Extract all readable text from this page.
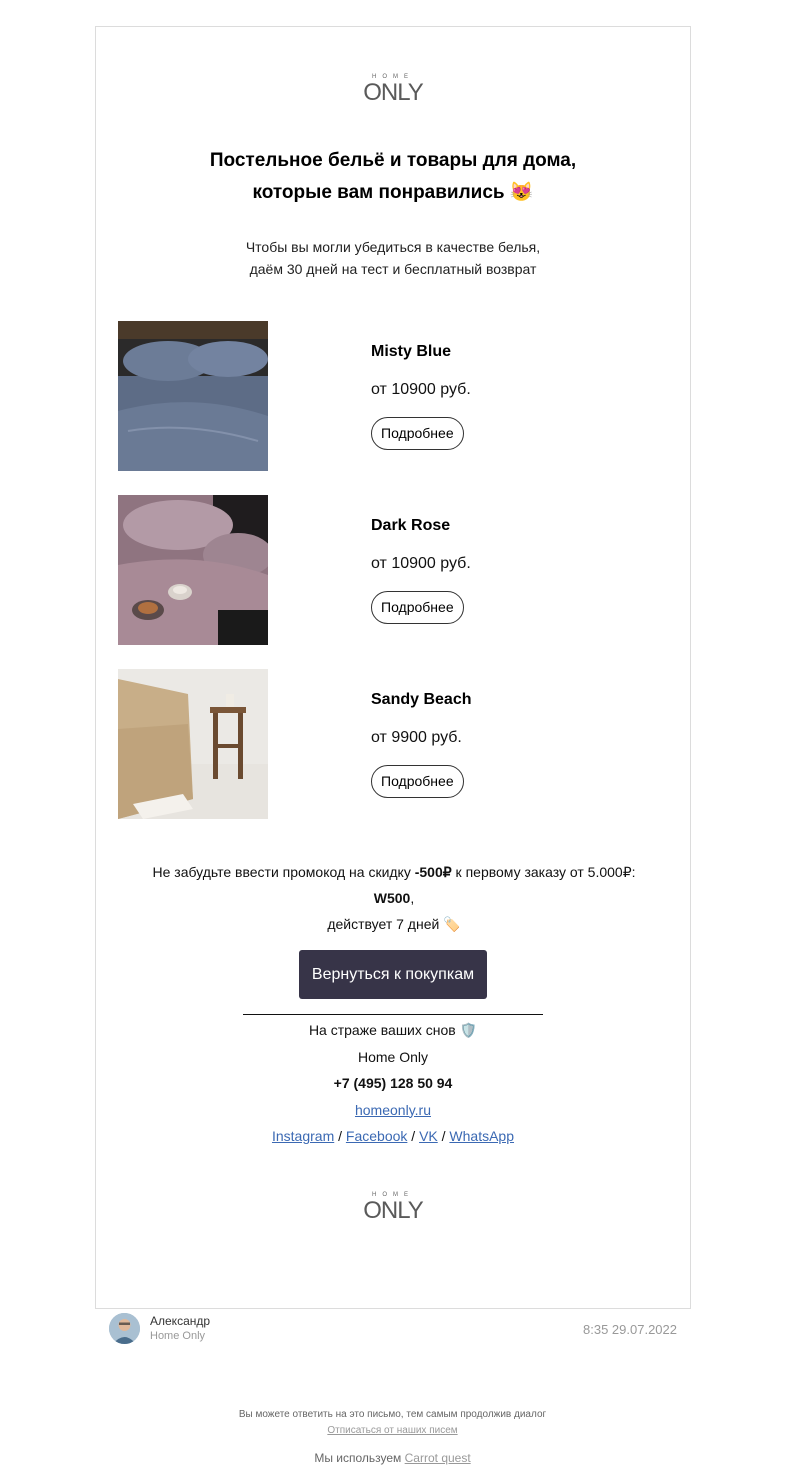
HOME
ONLY
Постельное бельё и товары для дома,
которые вам понравились 😻
Чтобы вы могли убедиться в качестве белья,
даём 30 дней на тест и бесплатный возврат
Misty Blue
от 10900 руб.
Подробнее
Dark Rose
от 10900 руб.
Подробнее
Sandy Beach
от 9900 руб.
Подробнее
Не забудьте ввести промокод на скидку -500₽ к первому заказу от 5.000₽:
W500,
действует 7 дней 🏷️
Вернуться к покупкам
На страже ваших снов 🛡️
Home Only
+7 (495) 128 50 94
homeonly.ru
Instagram / Facebook / VK / WhatsApp
HOME
ONLY
Александр
Home Only	8:35 29.07.2022
Вы можете ответить на это письмо, тем самым продолжив диалог
Отписаться от наших писем
Мы используем Carrot quest
